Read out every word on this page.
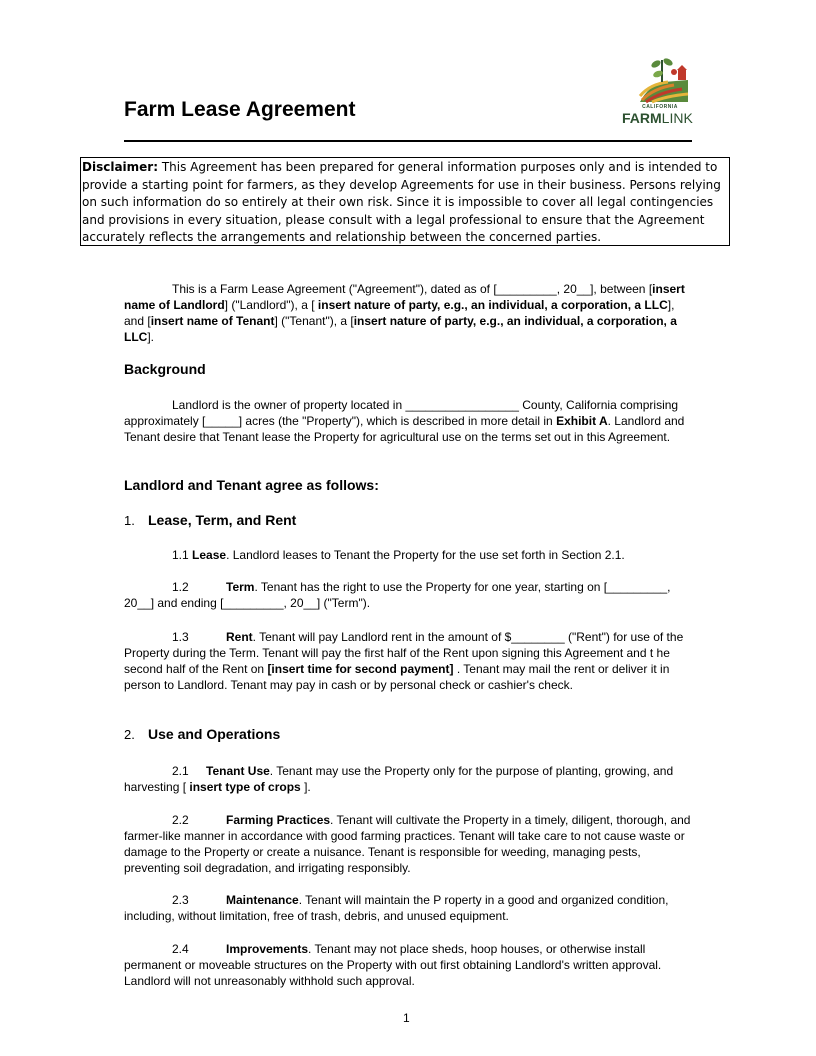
Farm Lease Agreement	CALIFORNIA
FARMLINK
Disclaimer: This Agreement has been prepared for general information purposes only and is intended to provide a starting point for farmers, as they develop Agreements for use in their business. Persons relying on such information do so entirely at their own risk. Since it is impossible to cover all legal contingencies and provisions in every situation, please consult with a legal professional to ensure that the Agreement accurately reflects the arrangements and relationship between the concerned parties.

This is a Farm Lease Agreement ("Agreement"), dated as of [_________, 20__], between [insert name of Landlord] ("Landlord"), a [ insert nature of party, e.g., an individual, a corporation, a LLC], and [insert name of Tenant] ("Tenant"), a [insert nature of party, e.g., an individual, a corporation, a LLC].

Background

Landlord is the owner of property located in _________________ County, California comprising approximately [_____] acres (the "Property"), which is described in more detail in Exhibit A. Landlord and Tenant desire that Tenant lease the Property for agricultural use on the terms set out in this Agreement.

Landlord and Tenant agree as follows:
1. Lease, Term, and Rent

1.1 Lease. Landlord leases to Tenant the Property for the use set forth in Section 2.1.

1.2	Term. Tenant has the right to use the Property for one year, starting on [_________, 20__] and ending [_________, 20__] ("Term").

1.3	Rent. Tenant will pay Landlord rent in the amount of $________ ("Rent") for use of the Property during the Term. Tenant will pay the first half of the Rent upon signing this Agreement and t he second half of the Rent on [insert time for second payment] . Tenant may mail the rent or deliver it in person to Landlord. Tenant may pay in cash or by personal check or cashier's check.

2. Use and Operations

2.1 Tenant Use. Tenant may use the Property only for the purpose of planting, growing, and harvesting [ insert type of crops ].

2.2	Farming Practices. Tenant will cultivate the Property in a timely, diligent, thorough, and farmer-like manner in accordance with good farming practices. Tenant will take care to not cause waste or damage to the Property or create a nuisance. Tenant is responsible for weeding, managing pests, preventing soil degradation, and irrigating responsibly.

2.3	Maintenance. Tenant will maintain the P roperty in a good and organized condition, including, without limitation, free of trash, debris, and unused equipment.

2.4	Improvements. Tenant may not place sheds, hoop houses, or otherwise install permanent or moveable structures on the Property with out first obtaining Landlord's written approval. Landlord will not unreasonably withhold such approval.

1
